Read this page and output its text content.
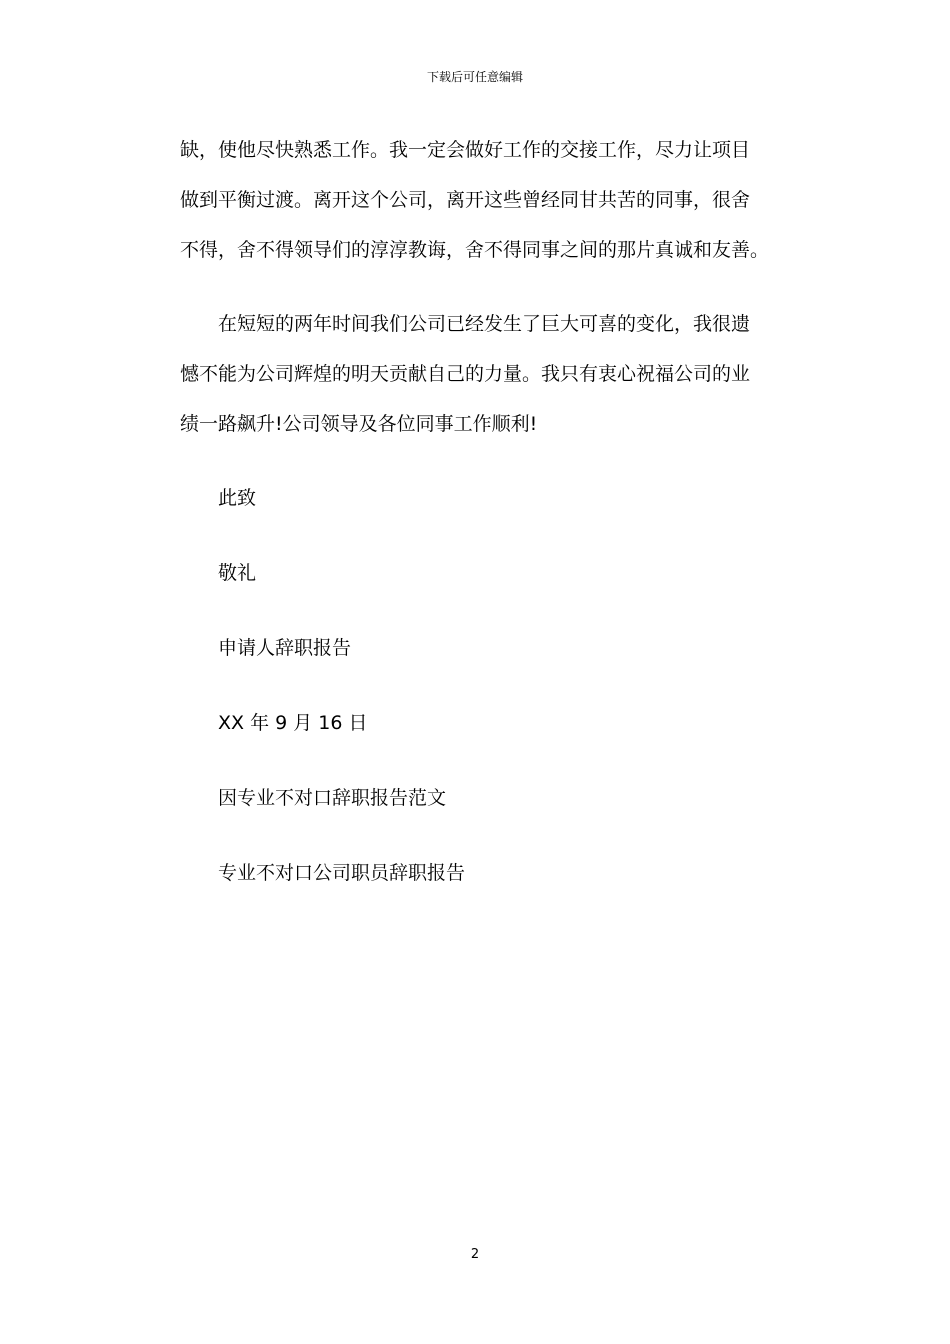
下载后可任意编辑
缺，使他尽快熟悉工作。我一定会做好工作的交接工作，尽力让项目
做到平衡过渡。离开这个公司，离开这些曾经同甘共苦的同事，很舍
不得，舍不得领导们的淳淳教诲，舍不得同事之间的那片真诚和友善。
在短短的两年时间我们公司已经发生了巨大可喜的变化，我很遗
憾不能为公司辉煌的明天贡献自己的力量。我只有衷心祝福公司的业
绩一路飙升!公司领导及各位同事工作顺利!
此致
敬礼
申请人辞职报告
XX 年 9 月 16 日
因专业不对口辞职报告范文
专业不对口公司职员辞职报告
2
